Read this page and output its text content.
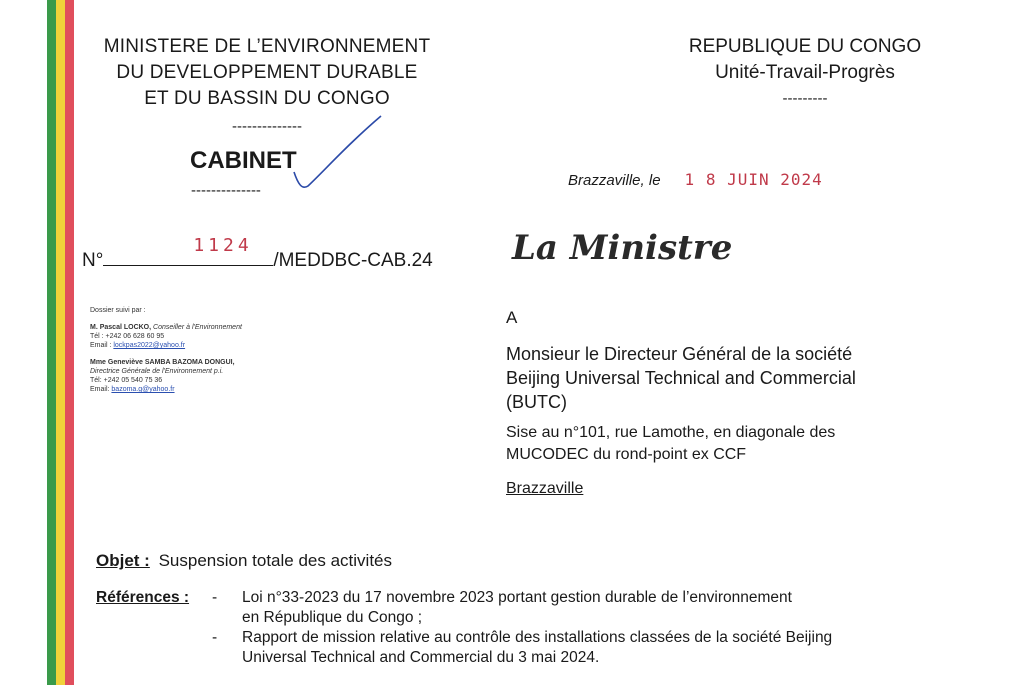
MINISTERE DE L’ENVIRONNEMENT
DU DEVELOPPEMENT DURABLE
ET DU BASSIN DU CONGO
--------------
CABINET
--------------
REPUBLIQUE DU CONGO
Unité-Travail-Progrès
---------
Brazzaville, le 1 8 JUIN 2024
N°
1124
/MEDDBC-CAB.24 La Ministre
Dossier suivi par :
M. Pascal LOCKO, Conseiller à l'Environnement
Tél : +242 06 628 60 95
Email : lockpas2022@yahoo.fr
Mme Geneviève SAMBA BAZOMA DONGUI,
Directrice Générale de l'Environnement p.i.
Tél: +242 05 540 75 36
Email: bazoma.g@yahoo.fr
A
Monsieur le Directeur Général de la société
Beijing Universal Technical and Commercial
(BUTC)
Sise au n°101, rue Lamothe, en diagonale des
MUCODEC du rond-point ex CCF
Brazzaville
Objet : Suspension totale des activités
Références : - Loi n°33-2023 du 17 novembre 2023 portant gestion durable de l’environnement
en République du Congo ;
- Rapport de mission relative au contrôle des installations classées de la société Beijing
Universal Technical and Commercial du 3 mai 2024.
